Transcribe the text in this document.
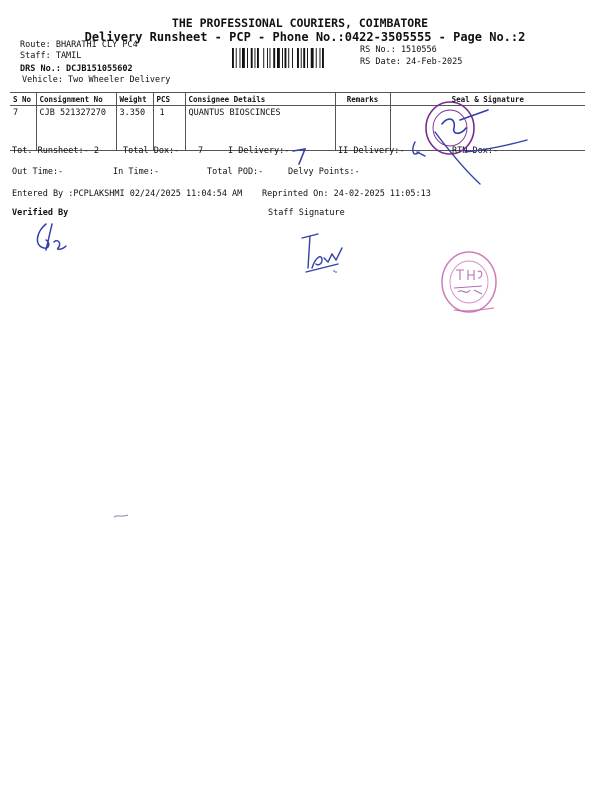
THE PROFESSIONAL COURIERS, COIMBATORE
Delivery Runsheet - PCP - Phone No.:0422-3505555 - Page No.:2
Route: BHARATHI CLY PC4
Staff: TAMIL
DRS No.: DCJB151055602
Vehicle: Two Wheeler Delivery
RS No.: 1510556
RS Date: 24-Feb-2025
S No	Consignment No	Weight	PCS	Consignee Details	Remarks	Seal & Signature
7	CJB 521327270	3.350	1	QUANTUS BIOSCINCES		
Tot. Runsheet:- 2	Total Dox:- 7	I Delivery:-	II Delivery:-	RTN Dox:-
Out Time:-	In Time:-	Total POD:-	Delvy Points:-
Entered By :PCPLAKSHMI 02/24/2025 11:04:54 AM Reprinted On: 24-02-2025 11:05:13
Verified By	Staff Signature
